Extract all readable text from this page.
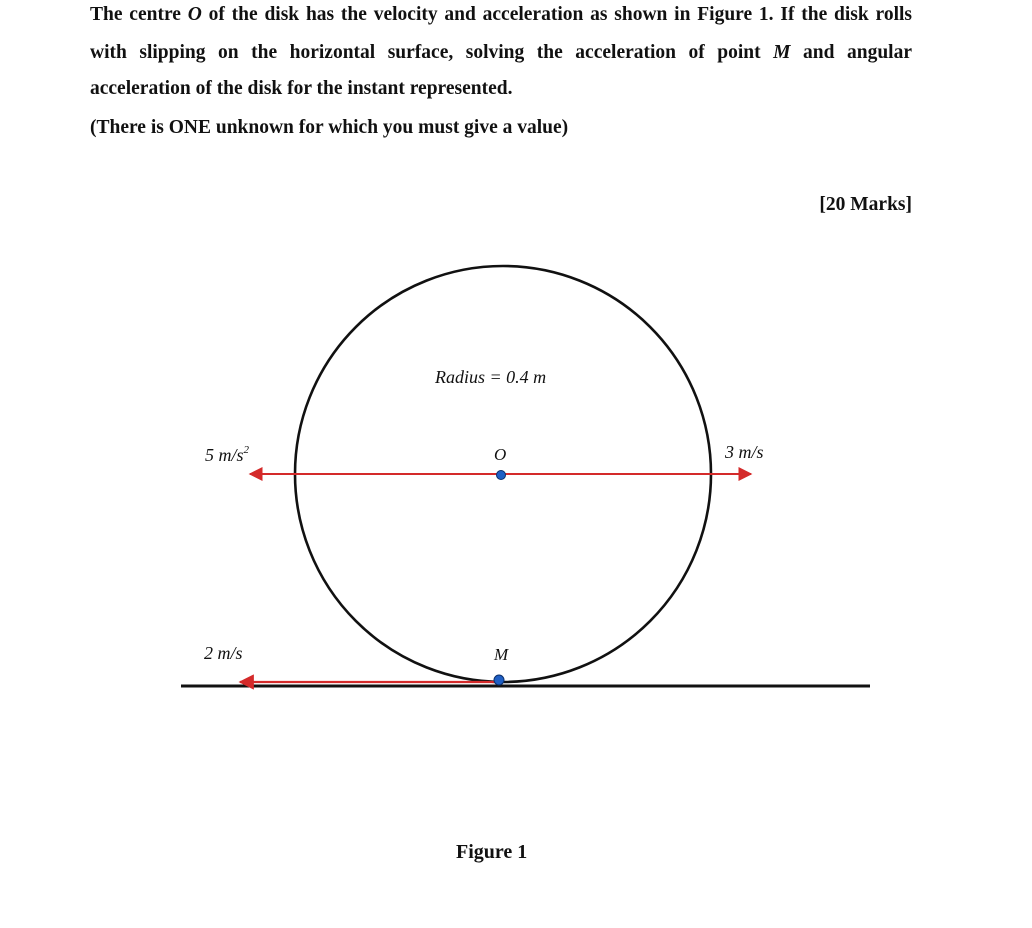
The centre O of the disk has the velocity and acceleration as shown in Figure 1. If the disk rolls
with slipping on the horizontal surface, solving the acceleration of point M and angular
acceleration of the disk for the instant represented.
(There is ONE unknown for which you must give a value)
[20 Marks]
Radius = 0.4 m
5 $m/s^2$	O	3 m/s
2 m/s	M
Figure 1
